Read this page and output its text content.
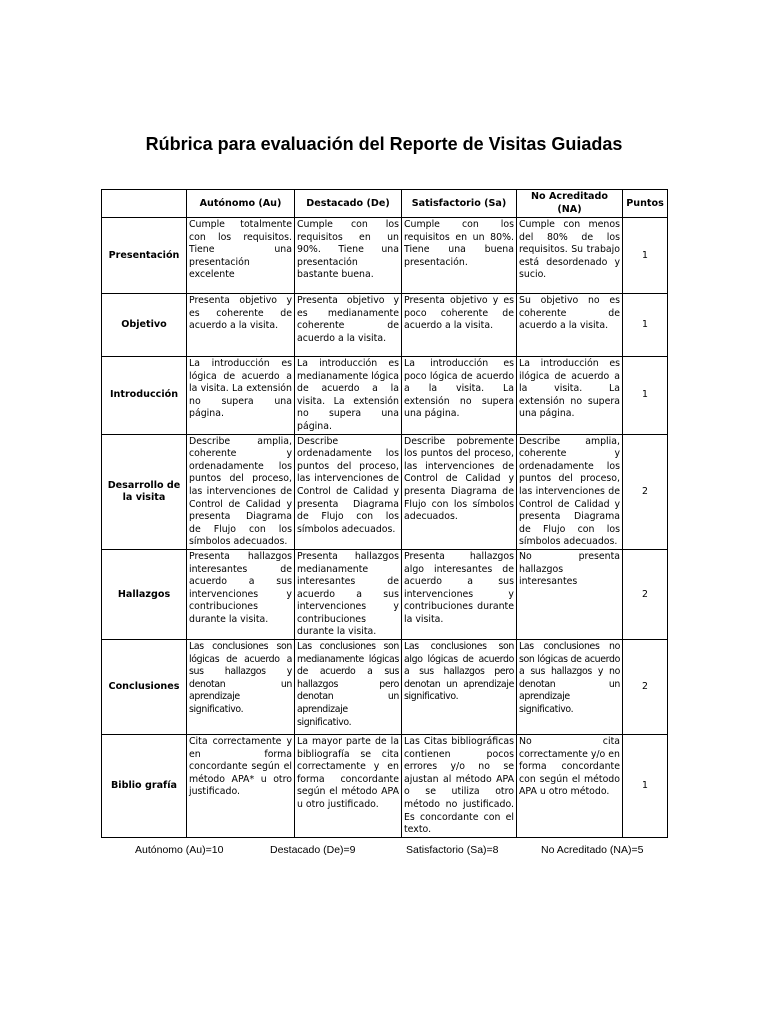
Rúbrica para evaluación del Reporte de Visitas Guiadas
	Autónomo (Au)	Destacado (De)	Satisfactorio (Sa)	No Acreditado (NA)	Puntos
Presentación	Cumple totalmente con los requisitos. Tiene una presentación excelente	Cumple con los requisitos en un 90%. Tiene una presentación bastante buena.	Cumple con los requisitos en un 80%. Tiene una buena presentación.	Cumple con menos del 80% de los requisitos. Su trabajo está desordenado y sucio.	1
Objetivo	Presenta objetivo y es coherente de acuerdo a la visita.	Presenta objetivo y es medianamente coherente de acuerdo a la visita.	Presenta objetivo y es poco coherente de acuerdo a la visita.	Su objetivo no es coherente de acuerdo a la visita.	1
Introducción	La introducción es lógica de acuerdo a la visita. La extensión no supera una página.	La introducción es medianamente lógica de acuerdo a la visita. La extensión no supera una página.	La introducción es poco lógica de acuerdo a la visita. La extensión no supera una página.	La introducción es ilógica de acuerdo a la visita. La extensión no supera una página.	1
Desarrollo de la visita	Describe amplia, coherente y ordenadamente los puntos del proceso, las intervenciones de Control de Calidad y presenta Diagrama de Flujo con los símbolos adecuados.	Describe ordenadamente los puntos del proceso, las intervenciones de Control de Calidad y presenta Diagrama de Flujo con los símbolos adecuados.	Describe pobremente los puntos del proceso, las intervenciones de Control de Calidad y presenta Diagrama de Flujo con los símbolos adecuados.	Describe amplia, coherente y ordenadamente los puntos del proceso, las intervenciones de Control de Calidad y presenta Diagrama de Flujo con los símbolos adecuados.	2
Hallazgos	Presenta hallazgos interesantes de acuerdo a sus intervenciones y contribuciones durante la visita.	Presenta hallazgos medianamente interesantes de acuerdo a sus intervenciones y contribuciones durante la visita.	Presenta hallazgos algo interesantes de acuerdo a sus intervenciones y contribuciones durante la visita.	No presenta hallazgos interesantes	2
Conclusiones	Las conclusiones son lógicas de acuerdo a sus hallazgos y denotan un aprendizaje significativo.	Las conclusiones son medianamente lógicas de acuerdo a sus hallazgos pero denotan un aprendizaje significativo.	Las conclusiones son algo lógicas de acuerdo a sus hallazgos pero denotan un aprendizaje significativo.	Las conclusiones no son lógicas de acuerdo a sus hallazgos y no denotan un aprendizaje significativo.	2
Biblio grafía	Cita correctamente y en forma concordante según el método APA* u otro justificado.	La mayor parte de la bibliografía se cita correctamente y en forma concordante según el método APA u otro justificado.	Las Citas bibliográficas contienen pocos errores y/o no se ajustan al método APA o se utiliza otro método no justificado. Es concordante con el texto.	No cita correctamente y/o en forma concordante con según el método APA u otro método.	1
Autónomo (Au)=10	Destacado (De)=9	Satisfactorio (Sa)=8	No Acreditado (NA)=5
